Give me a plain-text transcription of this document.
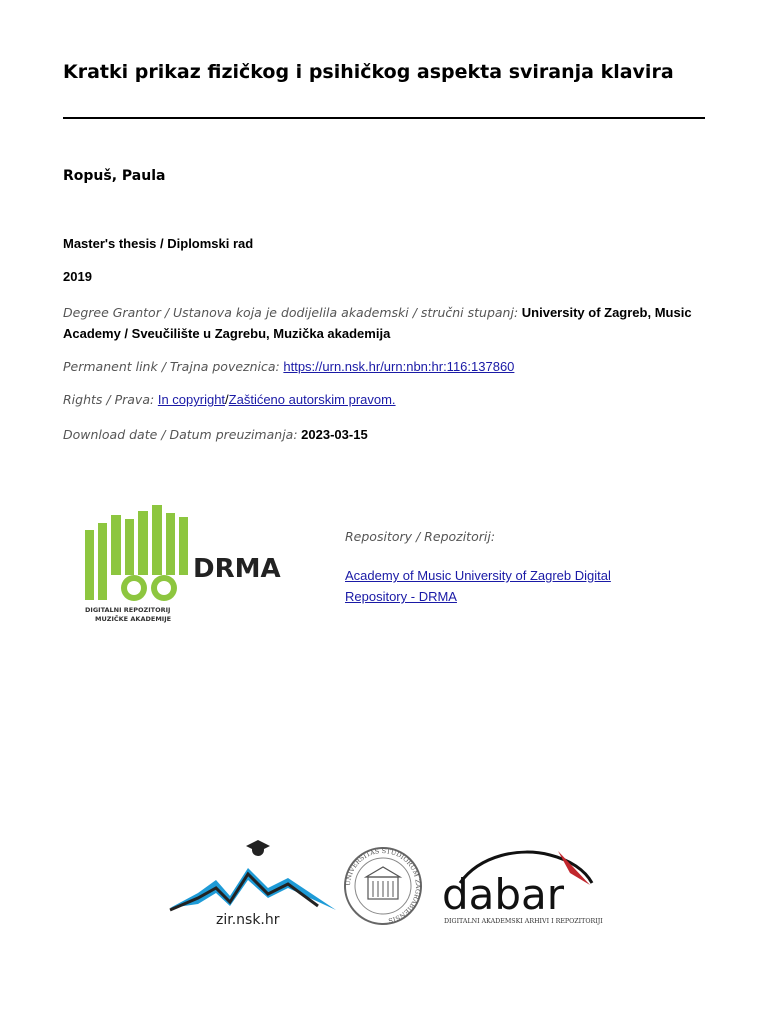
Kratki prikaz fizičkog i psihičkog aspekta sviranja klavira
Ropuš, Paula
Master's thesis / Diplomski rad
2019
Degree Grantor / Ustanova koja je dodijelila akademski / stručni stupanj: University of Zagreb, Music Academy / Sveučilište u Zagrebu, Muzička akademija
Permanent link / Trajna poveznica: https://urn.nsk.hr/urn:nbn:hr:116:137860
Rights / Prava: In copyright/Zaštićeno autorskim pravom.
Download date / Datum preuzimanja: 2023-03-15
DRMA
DIGITALNI REPOZITORIJ
MUZIČKE AKADEMIJE
Repository / Repozitorij:
Academy of Music University of Zagreb Digital Repository - DRMA
zir.nsk.hr
UNIVERSITAS STUDIORUM ZAGRABIENSIS
dabar
DIGITALNI AKADEMSKI ARHIVI I REPOZITORIJI
